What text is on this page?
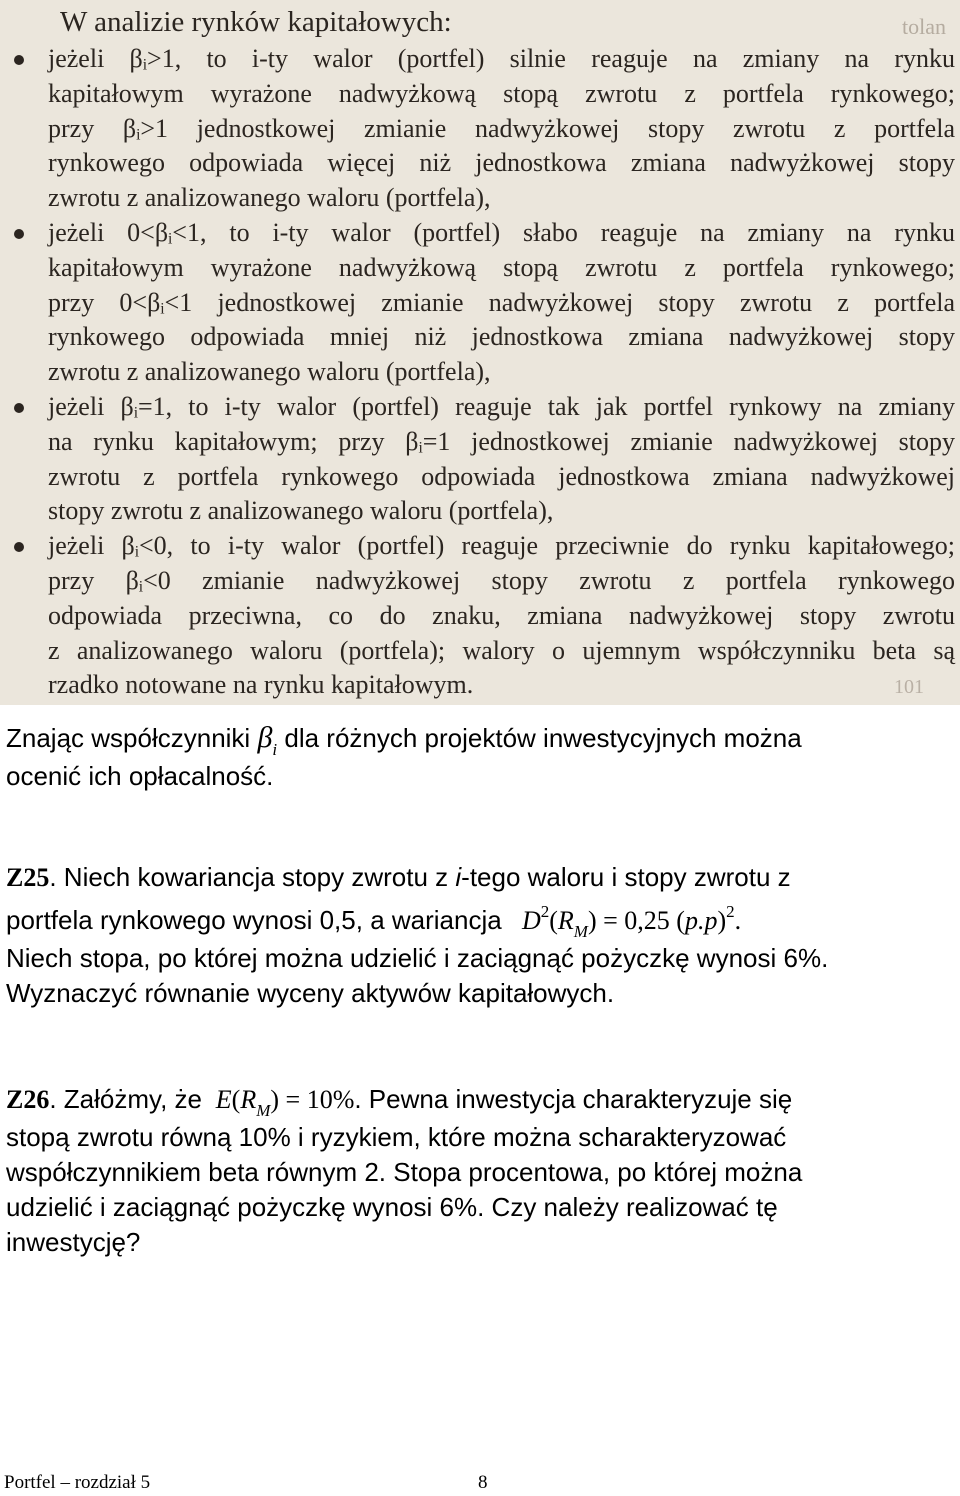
W analizie rynków kapitałowych:	tolan
jeżeli βᵢ>1, to i-ty walor (portfel) silnie reaguje na zmiany na rynku
kapitałowym wyrażone nadwyżkową stopą zwrotu z portfela rynkowego;
przy βᵢ>1 jednostkowej zmianie nadwyżkowej stopy zwrotu z portfela
rynkowego odpowiada więcej niż jednostkowa zmiana nadwyżkowej stopy
zwrotu z analizowanego waloru (portfela),
jeżeli 0<βᵢ<1, to i-ty walor (portfel) słabo reaguje na zmiany na rynku
kapitałowym wyrażone nadwyżkową stopą zwrotu z portfela rynkowego;
przy 0<βᵢ<1 jednostkowej zmianie nadwyżkowej stopy zwrotu z portfela
rynkowego odpowiada mniej niż jednostkowa zmiana nadwyżkowej stopy
zwrotu z analizowanego waloru (portfela),
jeżeli βᵢ=1, to i-ty walor (portfel) reaguje tak jak portfel rynkowy na zmiany
na rynku kapitałowym; przy βᵢ=1 jednostkowej zmianie nadwyżkowej stopy
zwrotu z portfela rynkowego odpowiada jednostkowa zmiana nadwyżkowej
stopy zwrotu z analizowanego waloru (portfela),
jeżeli βᵢ<0, to i-ty walor (portfel) reaguje przeciwnie do rynku kapitałowego;
przy βᵢ<0 zmianie nadwyżkowej stopy zwrotu z portfela rynkowego
odpowiada przeciwna, co do znaku, zmiana nadwyżkowej stopy zwrotu
z analizowanego waloru (portfela); walory o ujemnym współczynniku beta są
rzadko notowane na rynku kapitałowym.	101
Znając współczynniki $\beta_i$ dla różnych projektów inwestycyjnych można
ocenić ich opłacalność.
Z25. Niech kowariancja stopy zwrotu z i-tego waloru i stopy zwrotu z
portfela rynkowego wynosi 0,5, a wariancja $D^2(R_M) = 0,25$ $(p.p)^2$.
Niech stopa, po której można udzielić i zaciągnąć pożyczkę wynosi 6%.
Wyznaczyć równanie wyceny aktywów kapitałowych.
Z26. Załóżmy, że $E(R_M) = 10\%$. Pewna inwestycja charakteryzuje się
stopą zwrotu równą 10% i ryzykiem, które można scharakteryzować
współczynnikiem beta równym 2. Stopa procentowa, po której można
udzielić i zaciągnąć pożyczkę wynosi 6%. Czy należy realizować tę
inwestycję?
Portfel – rozdział 5	8
